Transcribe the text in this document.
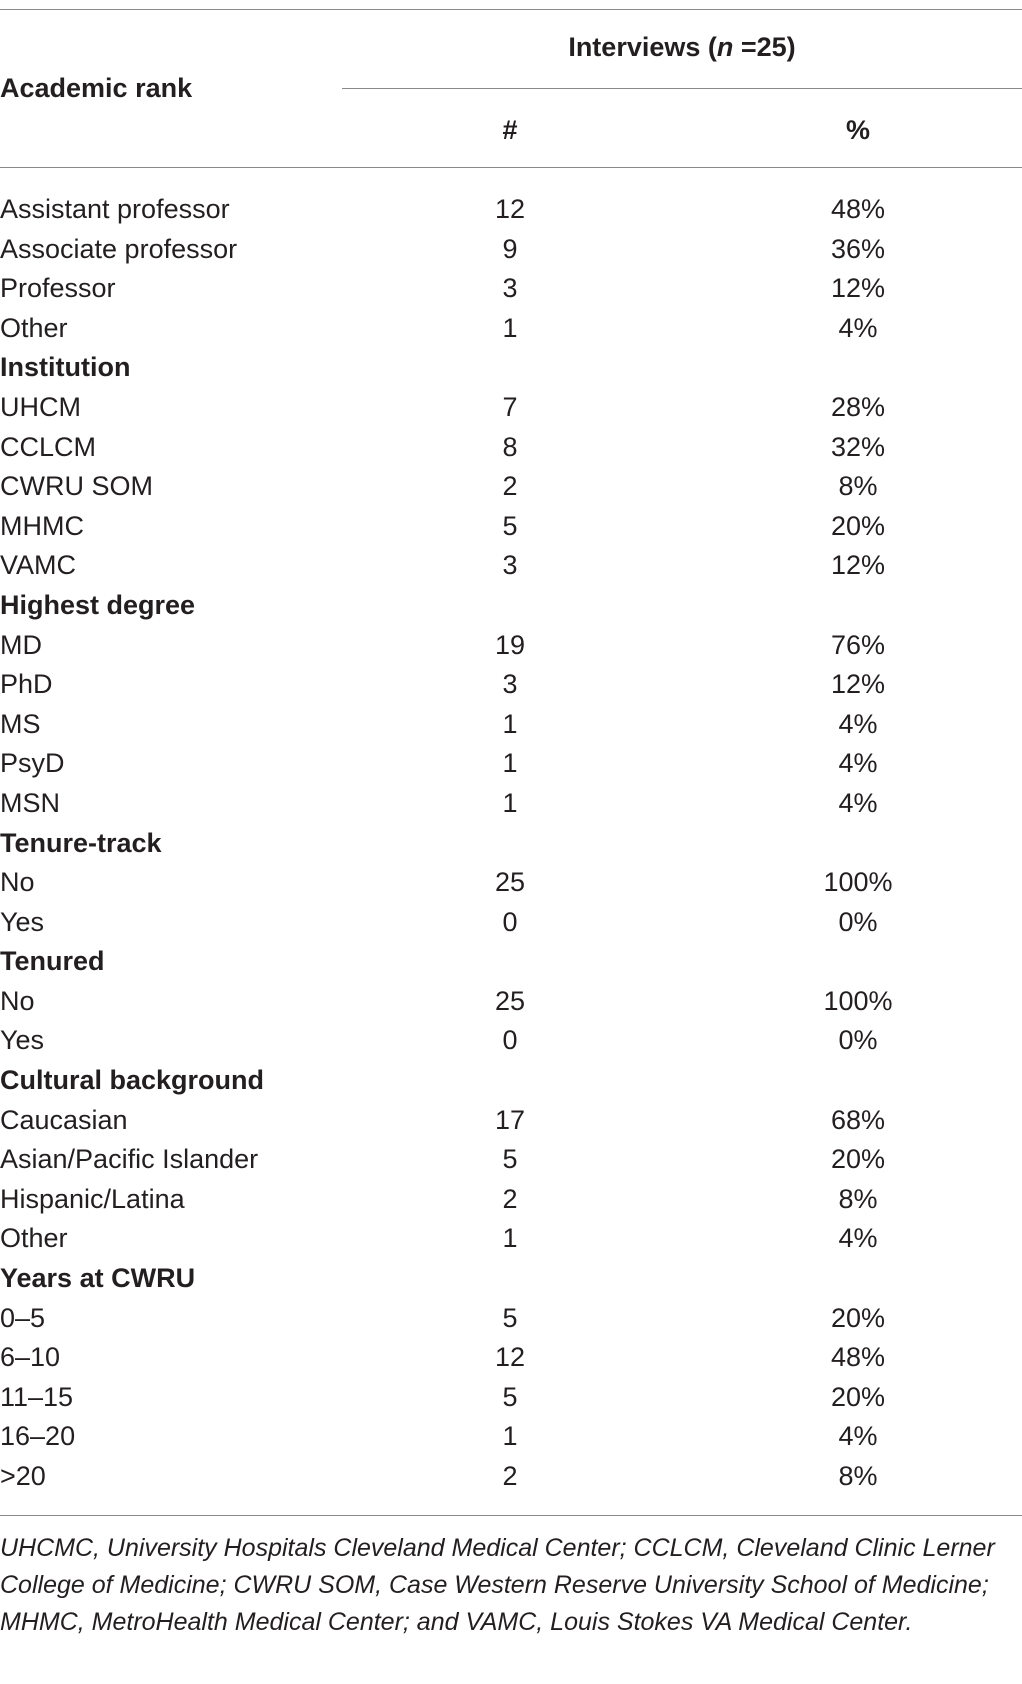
Interviews (n =25)
Academic rank
#	%
Assistant professor	12	48%
Associate professor	9	36%
Professor	3	12%
Other	1	4%
Institution
UHCM	7	28%
CCLCM	8	32%
CWRU SOM	2	8%
MHMC	5	20%
VAMC	3	12%
Highest degree
MD	19	76%
PhD	3	12%
MS	1	4%
PsyD	1	4%
MSN	1	4%
Tenure-track
No	25	100%
Yes	0	0%
Tenured
No	25	100%
Yes	0	0%
Cultural background
Caucasian	17	68%
Asian/Pacific Islander	5	20%
Hispanic/Latina	2	8%
Other	1	4%
Years at CWRU
0–5	5	20%
6–10	12	48%
11–15	5	20%
16–20	1	4%
>20	2	8%
UHCMC, University Hospitals Cleveland Medical Center; CCLCM, Cleveland Clinic Lerner College of Medicine; CWRU SOM, Case Western Reserve University School of Medicine; MHMC, MetroHealth Medical Center; and VAMC, Louis Stokes VA Medical Center.
